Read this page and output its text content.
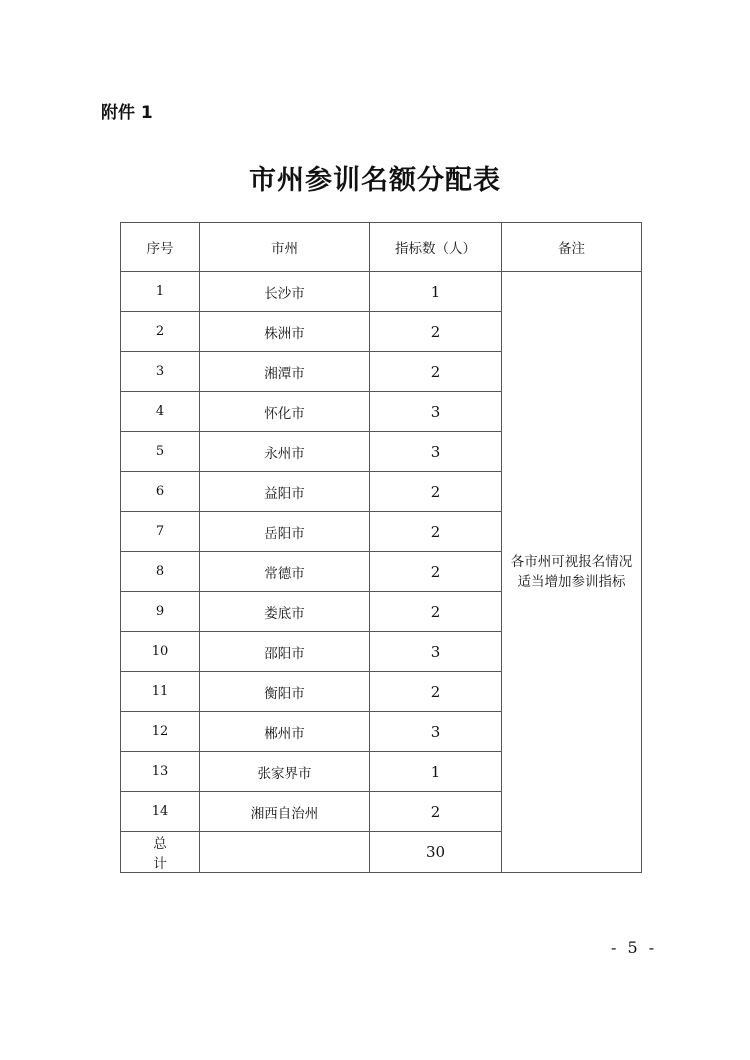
附件 1
市州参训名额分配表
序号	市州	指标数（人）	备注
1	长沙市	1	各市州可视报名情况
适当增加参训指标

2	株洲市	2	
3	湘潭市	2	
4	怀化市	3	
5	永州市	3	
6	益阳市	2	
7	岳阳市	2	
8	常德市	2	
9	娄底市	2	
10	邵阳市	3	
11	衡阳市	2	
12	郴州市	3	
13	张家界市	1	
14	湘西自治州	2	
总计		30	
- 5 -
